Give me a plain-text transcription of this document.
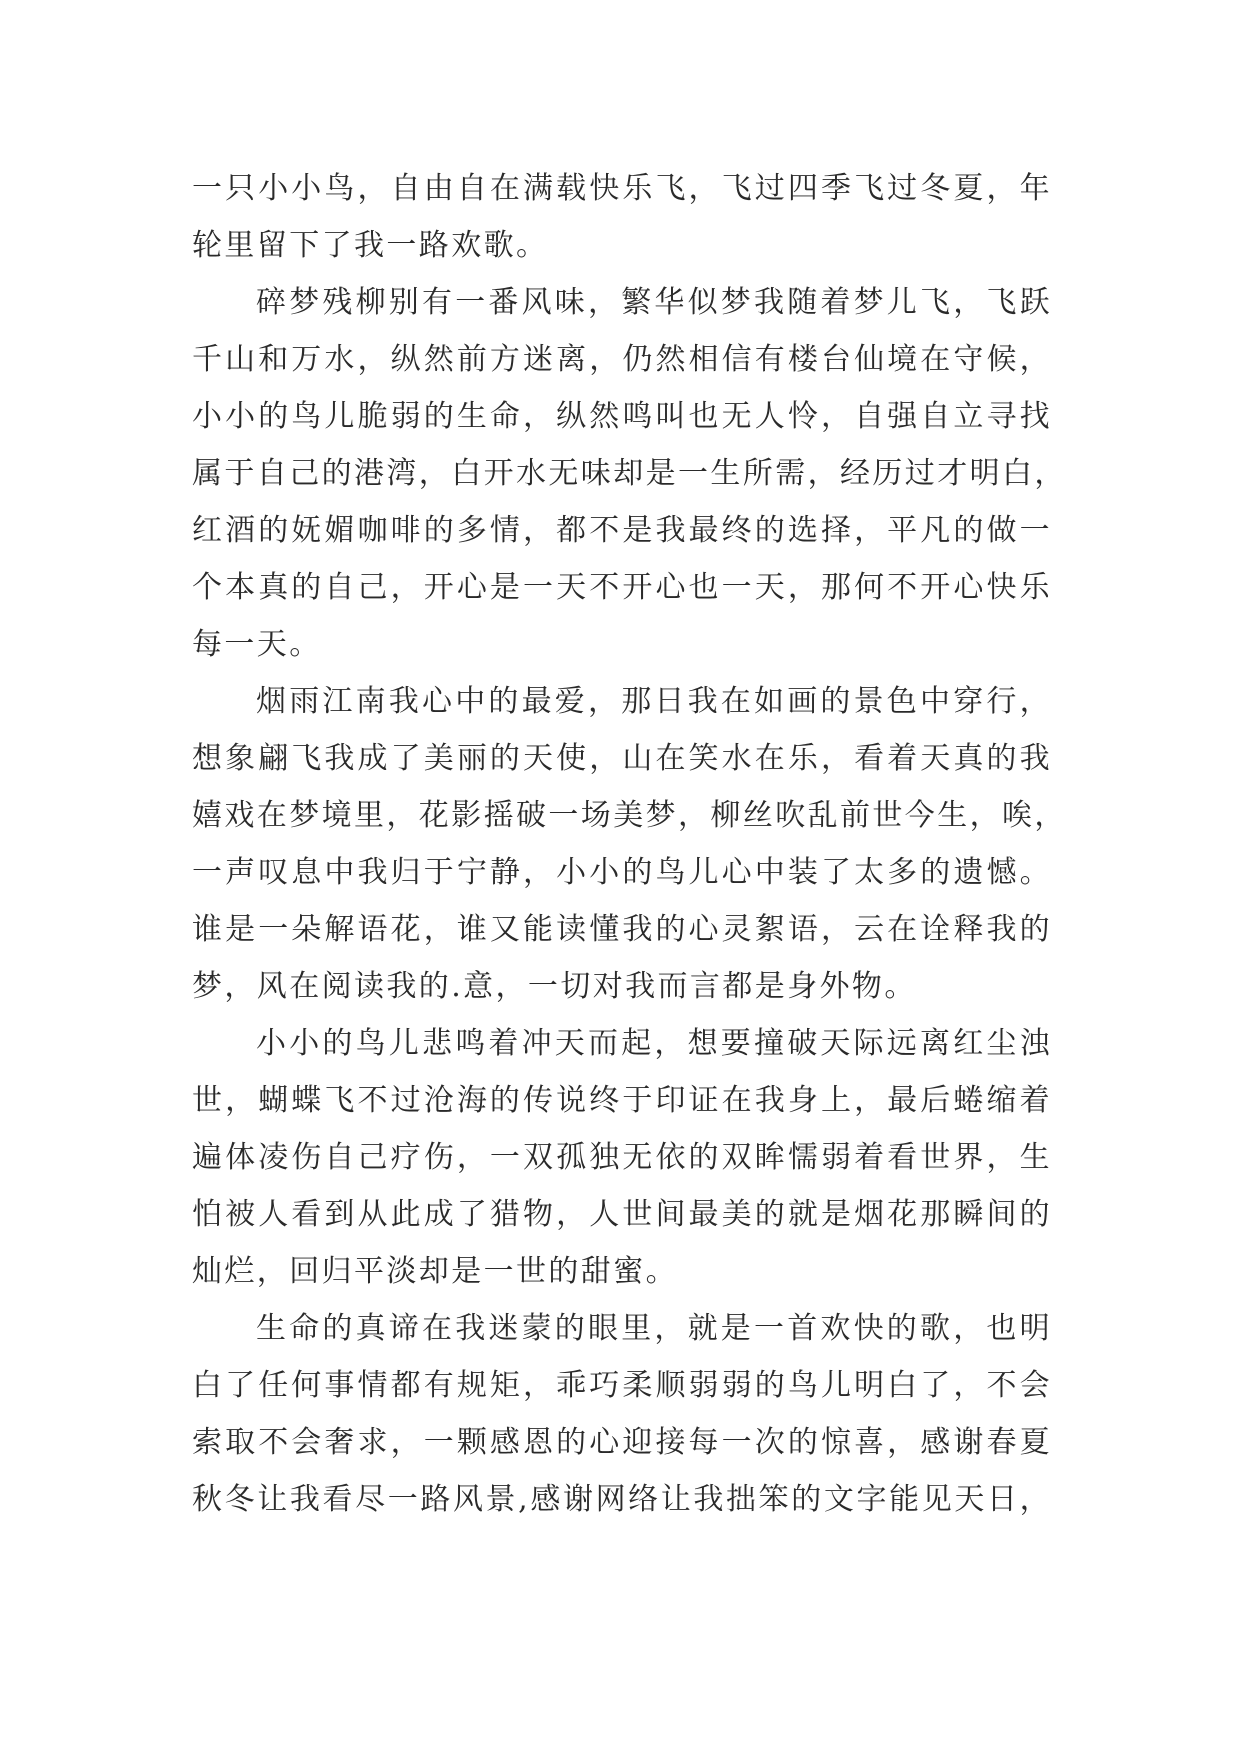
一只小小鸟，自由自在满载快乐飞，飞过四季飞过冬夏，年
轮里留下了我一路欢歌。
碎梦残柳别有一番风味，繁华似梦我随着梦儿飞，飞跃
千山和万水，纵然前方迷离，仍然相信有楼台仙境在守候，
小小的鸟儿脆弱的生命，纵然鸣叫也无人怜，自强自立寻找
属于自己的港湾，白开水无味却是一生所需，经历过才明白，
红酒的妩媚咖啡的多情，都不是我最终的选择，平凡的做一
个本真的自己，开心是一天不开心也一天，那何不开心快乐
每一天。
烟雨江南我心中的最爱，那日我在如画的景色中穿行，
想象翩飞我成了美丽的天使，山在笑水在乐，看着天真的我
嬉戏在梦境里，花影摇破一场美梦，柳丝吹乱前世今生，唉，
一声叹息中我归于宁静，小小的鸟儿心中装了太多的遗憾。
谁是一朵解语花，谁又能读懂我的心灵絮语，云在诠释我的
梦，风在阅读我的.意，一切对我而言都是身外物。
小小的鸟儿悲鸣着冲天而起，想要撞破天际远离红尘浊
世，蝴蝶飞不过沧海的传说终于印证在我身上，最后蜷缩着
遍体凌伤自己疗伤，一双孤独无依的双眸懦弱着看世界，生
怕被人看到从此成了猎物，人世间最美的就是烟花那瞬间的
灿烂，回归平淡却是一世的甜蜜。
生命的真谛在我迷蒙的眼里，就是一首欢快的歌，也明
白了任何事情都有规矩，乖巧柔顺弱弱的鸟儿明白了，不会
索取不会奢求，一颗感恩的心迎接每一次的惊喜，感谢春夏
秋冬让我看尽一路风景,感谢网络让我拙笨的文字能见天日，
